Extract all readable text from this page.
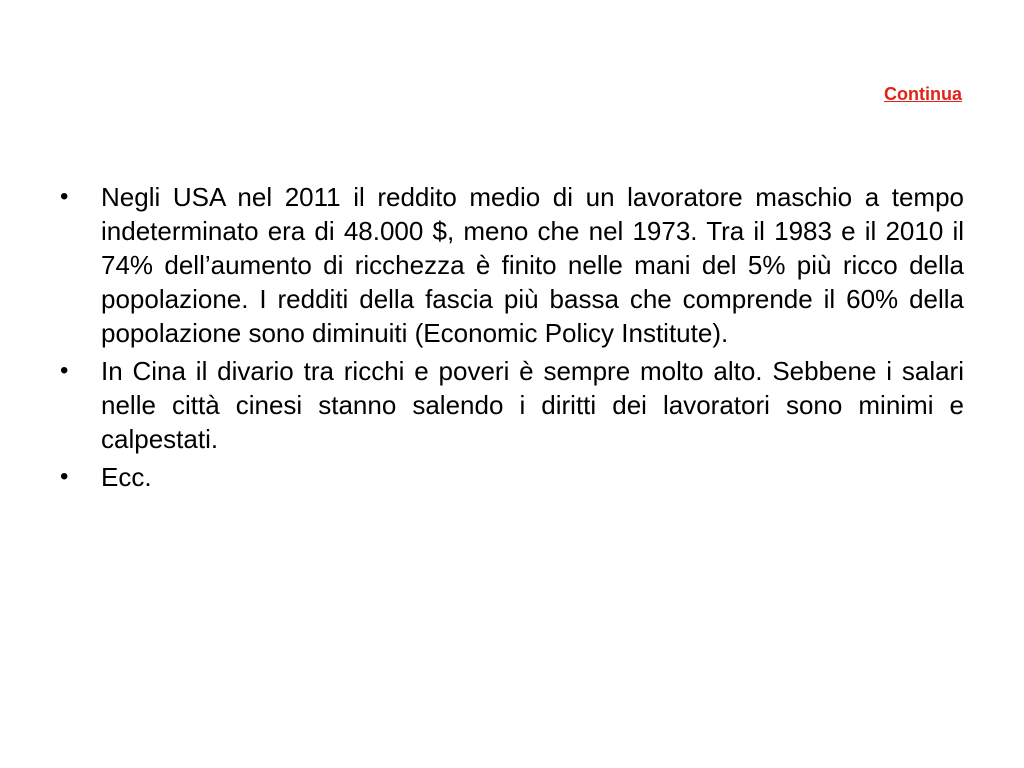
Continua
•	Negli USA nel 2011 il reddito medio di un lavoratore maschio a tempo indeterminato era di 48.000 $, meno che nel 1973. Tra il 1983 e il 2010 il 74% dell’aumento di ricchezza è finito nelle mani del 5% più ricco della popolazione. I redditi della fascia più bassa che comprende il 60% della popolazione sono diminuiti (Economic Policy Institute).
•	In Cina il divario tra ricchi e poveri è sempre molto alto. Sebbene i salari nelle città cinesi stanno salendo i diritti dei lavoratori sono minimi e calpestati.
•	Ecc.
